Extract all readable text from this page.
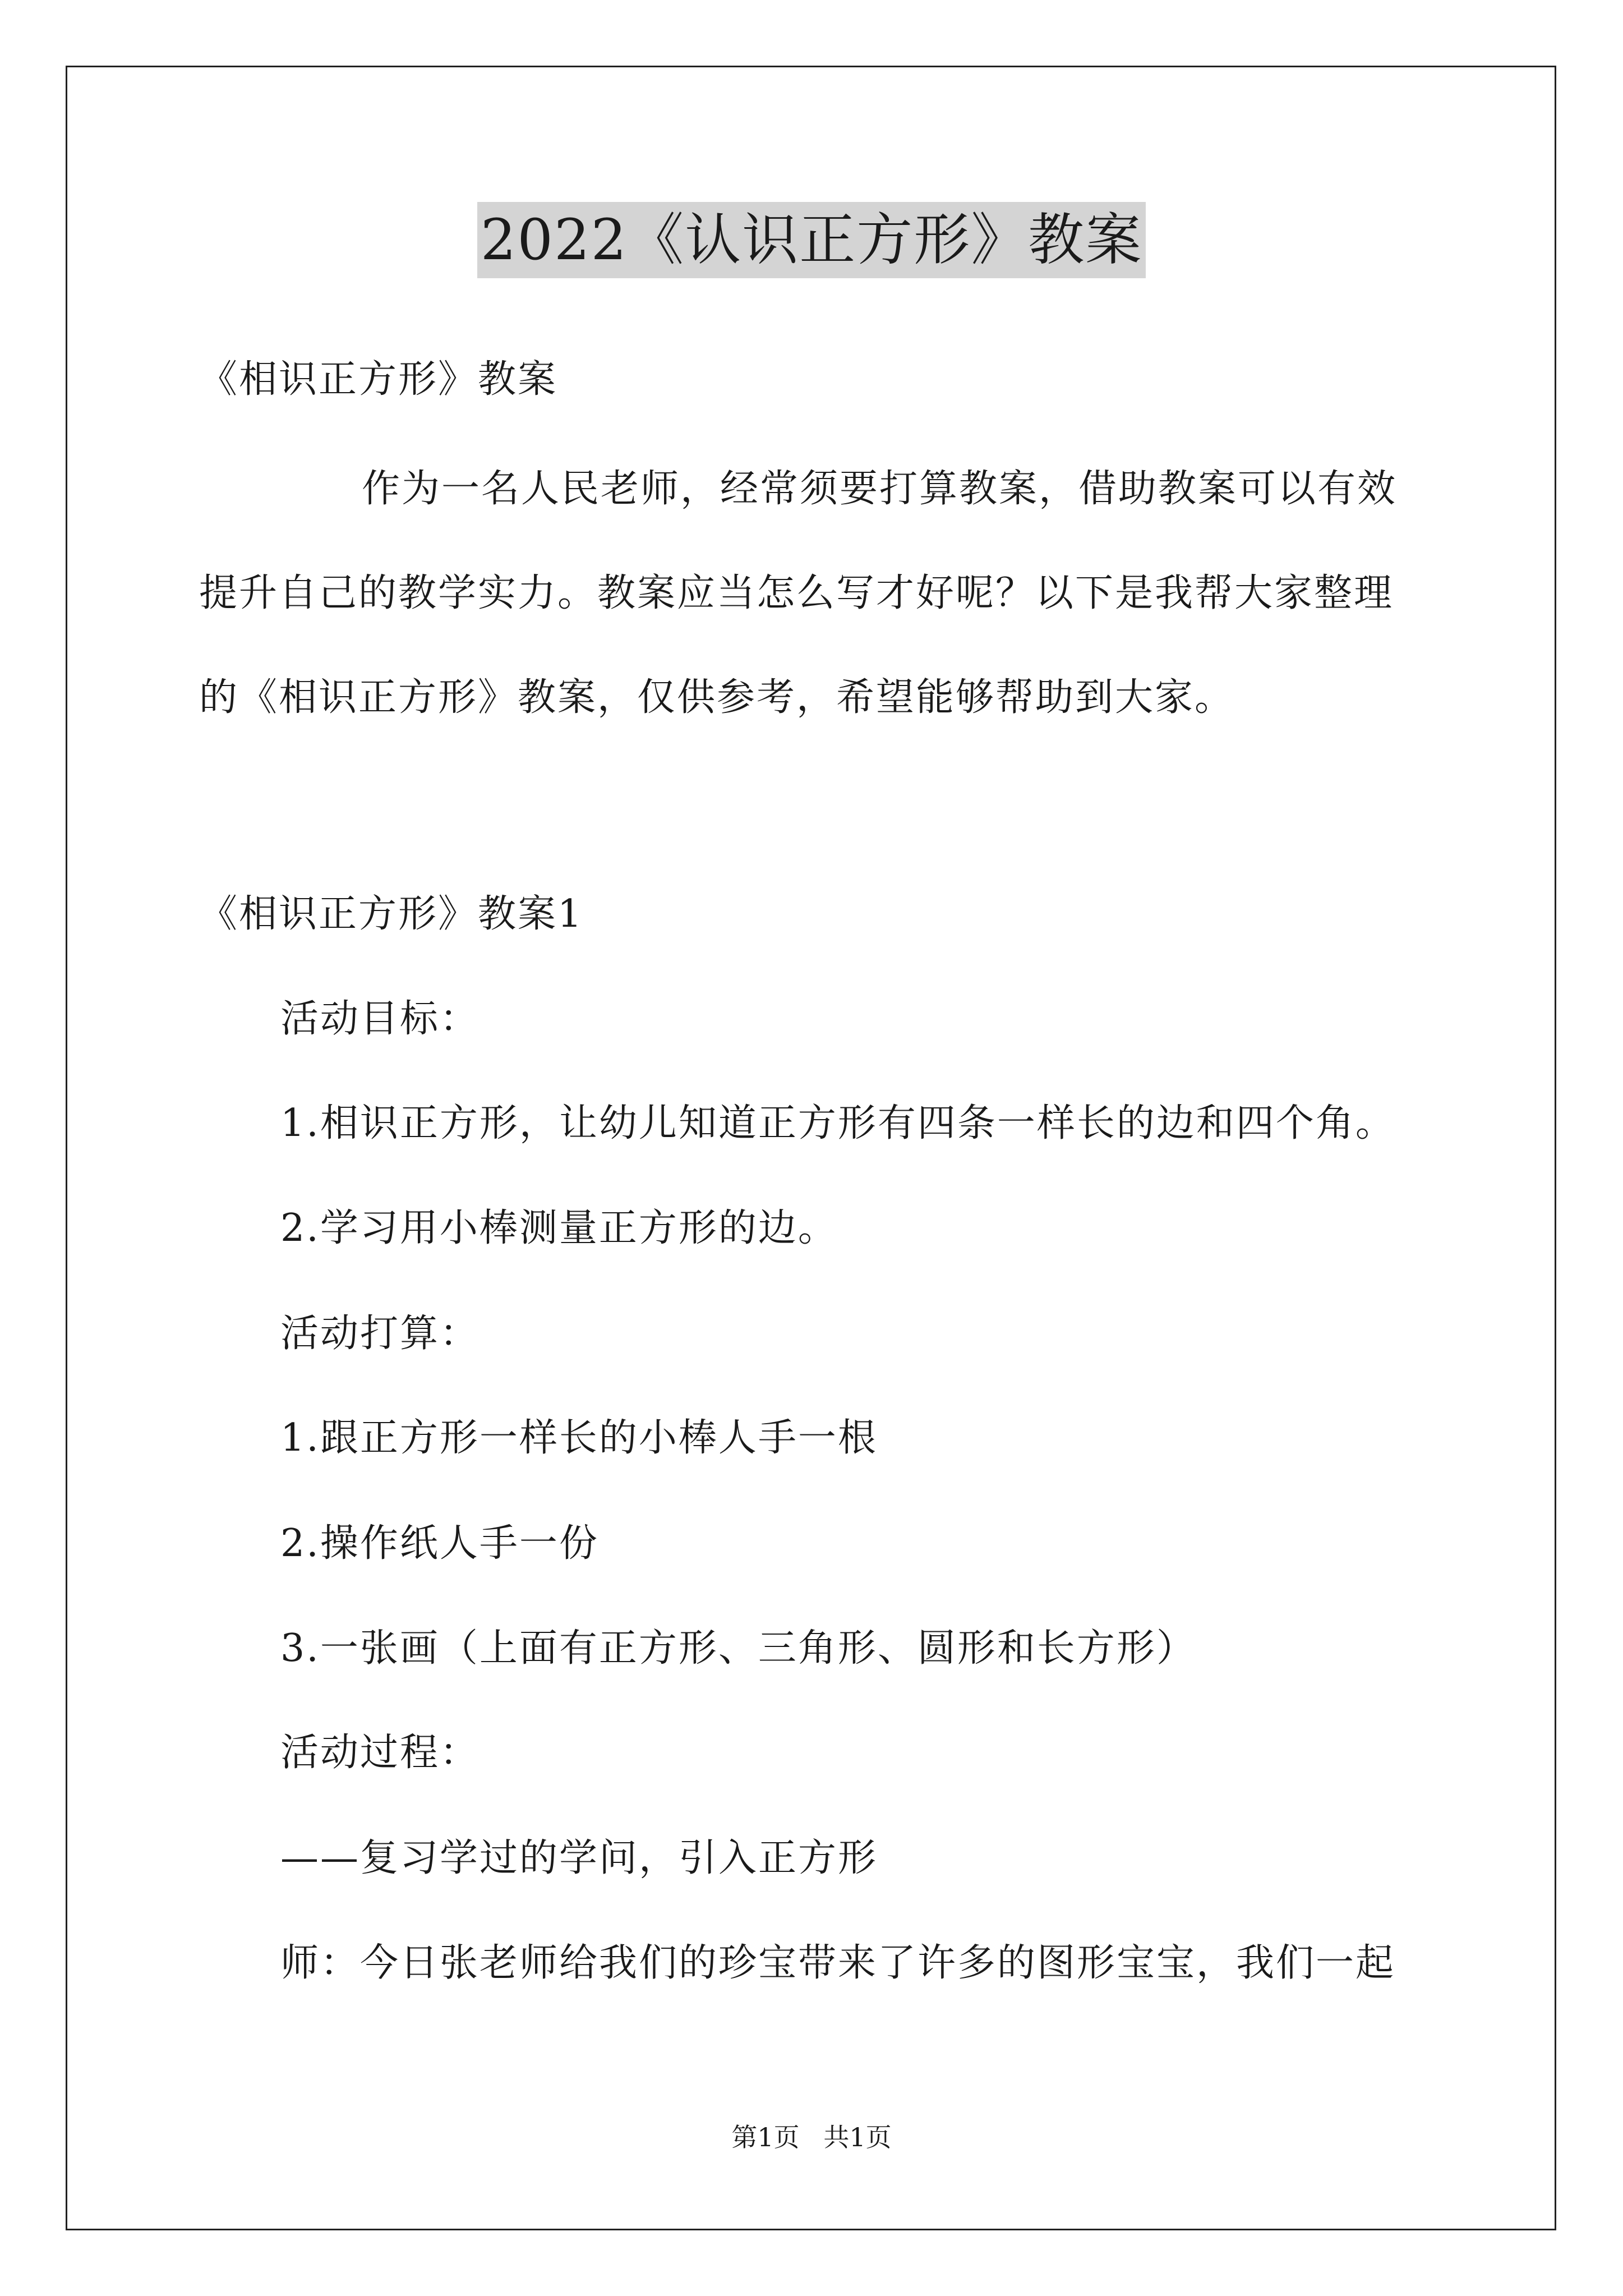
2022《认识正方形》教案
《相识正方形》教案
作为一名人民老师，经常须要打算教案，借助教案可以有效
提升自己的教学实力。教案应当怎么写才好呢？以下是我帮大家整理
的《相识正方形》教案，仅供参考，希望能够帮助到大家。
《相识正方形》教案1
活动目标：
1.相识正方形，让幼儿知道正方形有四条一样长的边和四个角。
2.学习用小棒测量正方形的边。
活动打算：
1.跟正方形一样长的小棒人手一根
2.操作纸人手一份
3.一张画（上面有正方形、三角形、圆形和长方形）
活动过程：
——复习学过的学问，引入正方形
师：今日张老师给我们的珍宝带来了许多的图形宝宝，我们一起
第1页 共1页
